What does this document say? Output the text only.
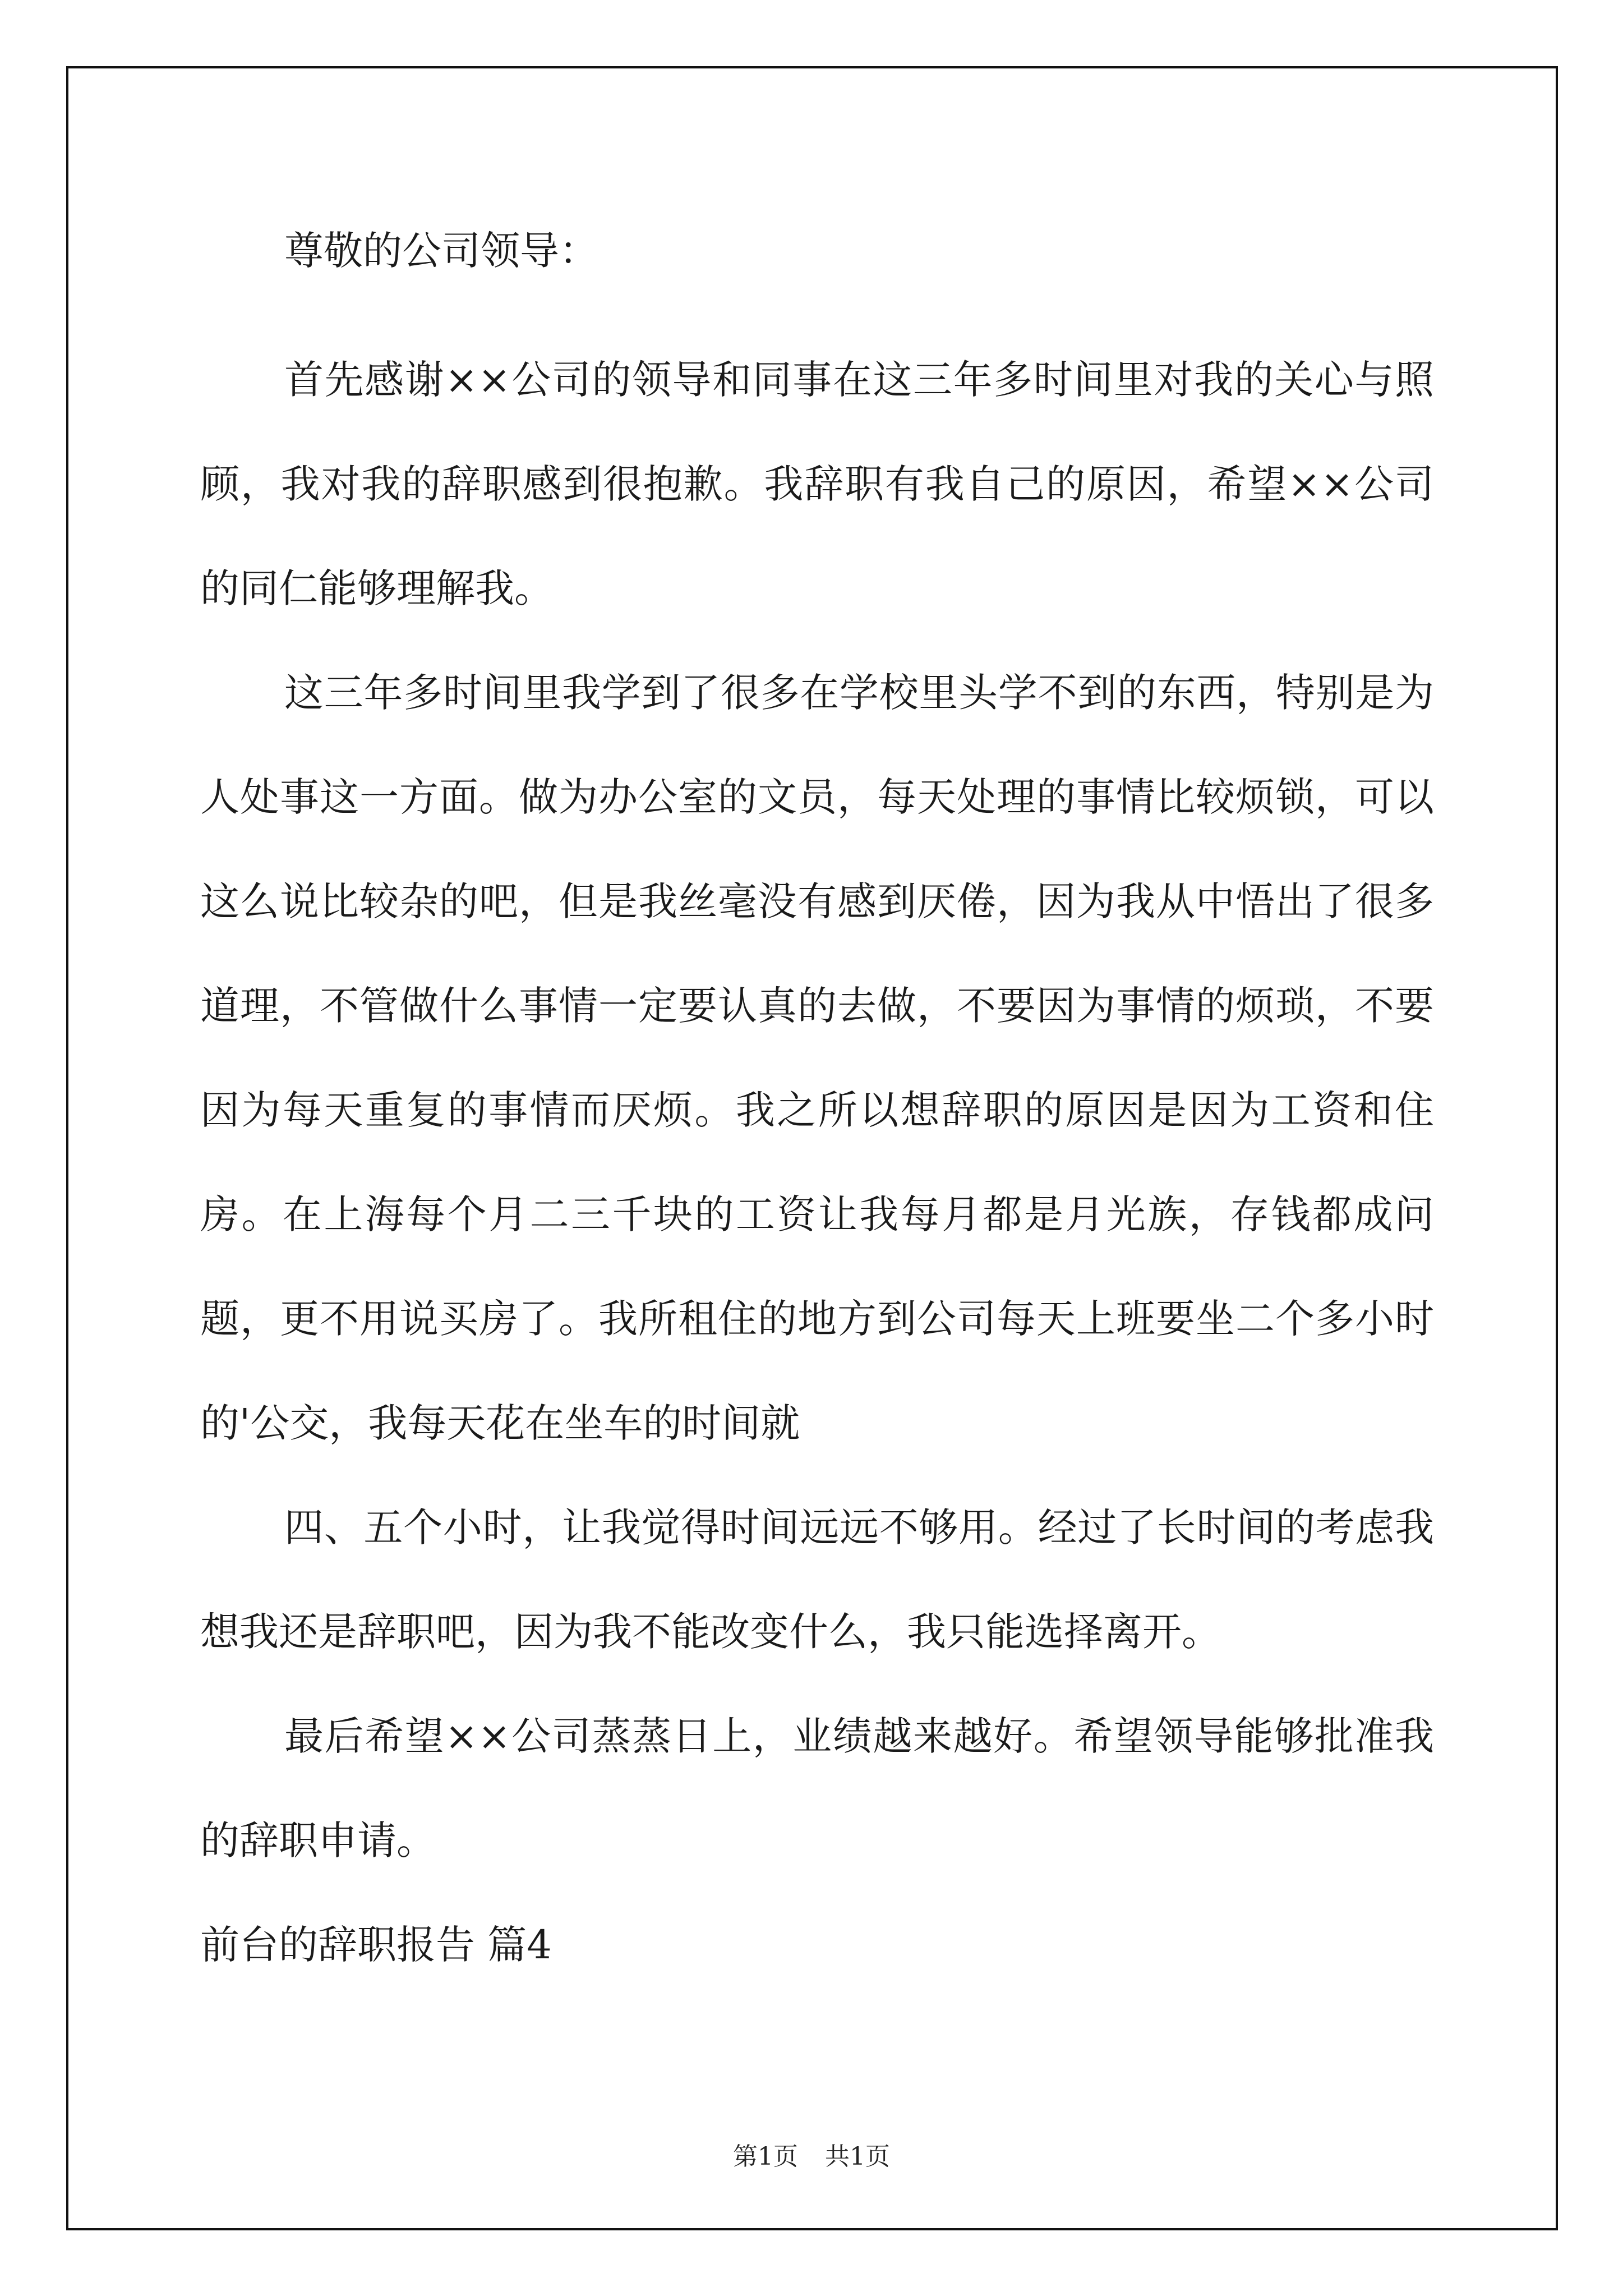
尊敬的公司领导：

首先感谢××公司的领导和同事在这三年多时间里对我的关心与照顾，我对我的辞职感到很抱歉。我辞职有我自己的原因，希望××公司的同仁能够理解我。

这三年多时间里我学到了很多在学校里头学不到的东西，特别是为人处事这一方面。做为办公室的文员，每天处理的事情比较烦锁，可以这么说比较杂的吧，但是我丝毫没有感到厌倦，因为我从中悟出了很多道理，不管做什么事情一定要认真的去做，不要因为事情的烦琐，不要因为每天重复的事情而厌烦。我之所以想辞职的原因是因为工资和住房。在上海每个月二三千块的工资让我每月都是月光族，存钱都成问题，更不用说买房了。我所租住的地方到公司每天上班要坐二个多小时的'公交，我每天花在坐车的时间就

四、五个小时，让我觉得时间远远不够用。经过了长时间的考虑我想我还是辞职吧，因为我不能改变什么，我只能选择离开。

最后希望××公司蒸蒸日上，业绩越来越好。希望领导能够批准我的辞职申请。

前台的辞职报告 篇4

第1页 共1页
